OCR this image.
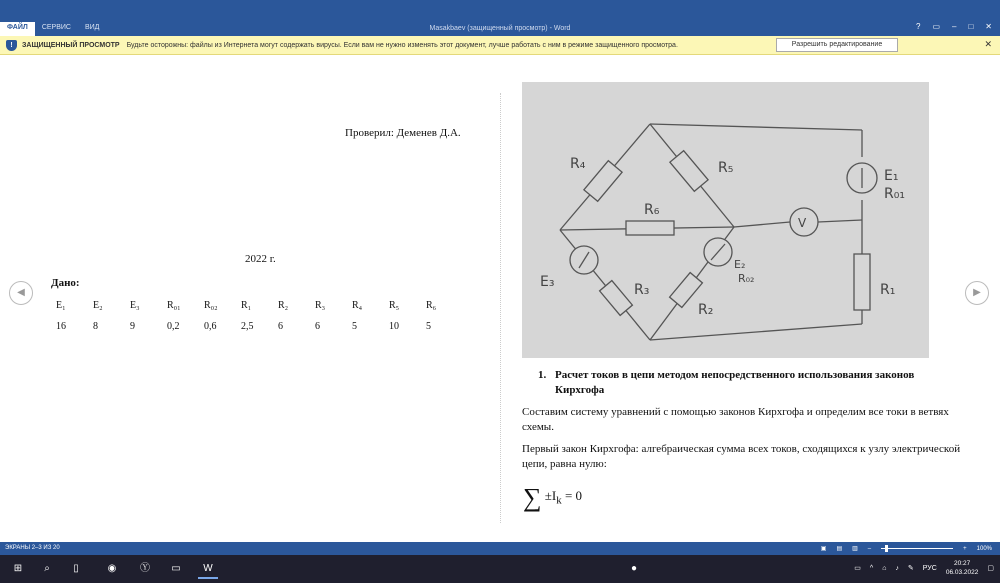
Masakbaev (защищенный просмотр) - Word
ФАЙЛ	СЕРВИС	ВИД	? ▭ – □ ✕
!	ЗАЩИЩЕННЫЙ ПРОСМОТР Будьте осторожны: файлы из Интернета могут содержать вирусы. Если вам не нужно изменять этот документ, лучше работать с ним в режиме защищенного просмотра.	Разрешить редактирование	✕
◀	▶
Проверил: Деменев Д.А.
2022 г.
Дано:
E₁	E₂	E₃	R₀₁	R₀₂	R₁	R₂	R₃	R₄	R₅	R₆
16	8	9	0,2	0,6	2,5	6	6	5	10	5
R₄	R₅
R₆
R₃
R₂
R₁
E₁
R₀₁
E₂
R₀₂
E₃
V
1. Расчет токов в цепи методом непосредственного использования законов Кирхгофа
Составим систему уравнений с помощью законов Кирхгофа и определим все токи в ветвях схемы.
Первый закон Кирхгофа: алгебраическая сумма всех токов, сходящихся к узлу электрической цепи, равна нулю:
∑ $\pm I_k = 0$
ЭКРАНЫ 2–3 ИЗ 20	▣ ▤ ▥ –	+ 100%
⊞	⌕	▯	◉	Ⓨ	▭	W	●	▭ ^ ⌂ ♪ ✎ РУС
20:27
06.03.2022
▢
